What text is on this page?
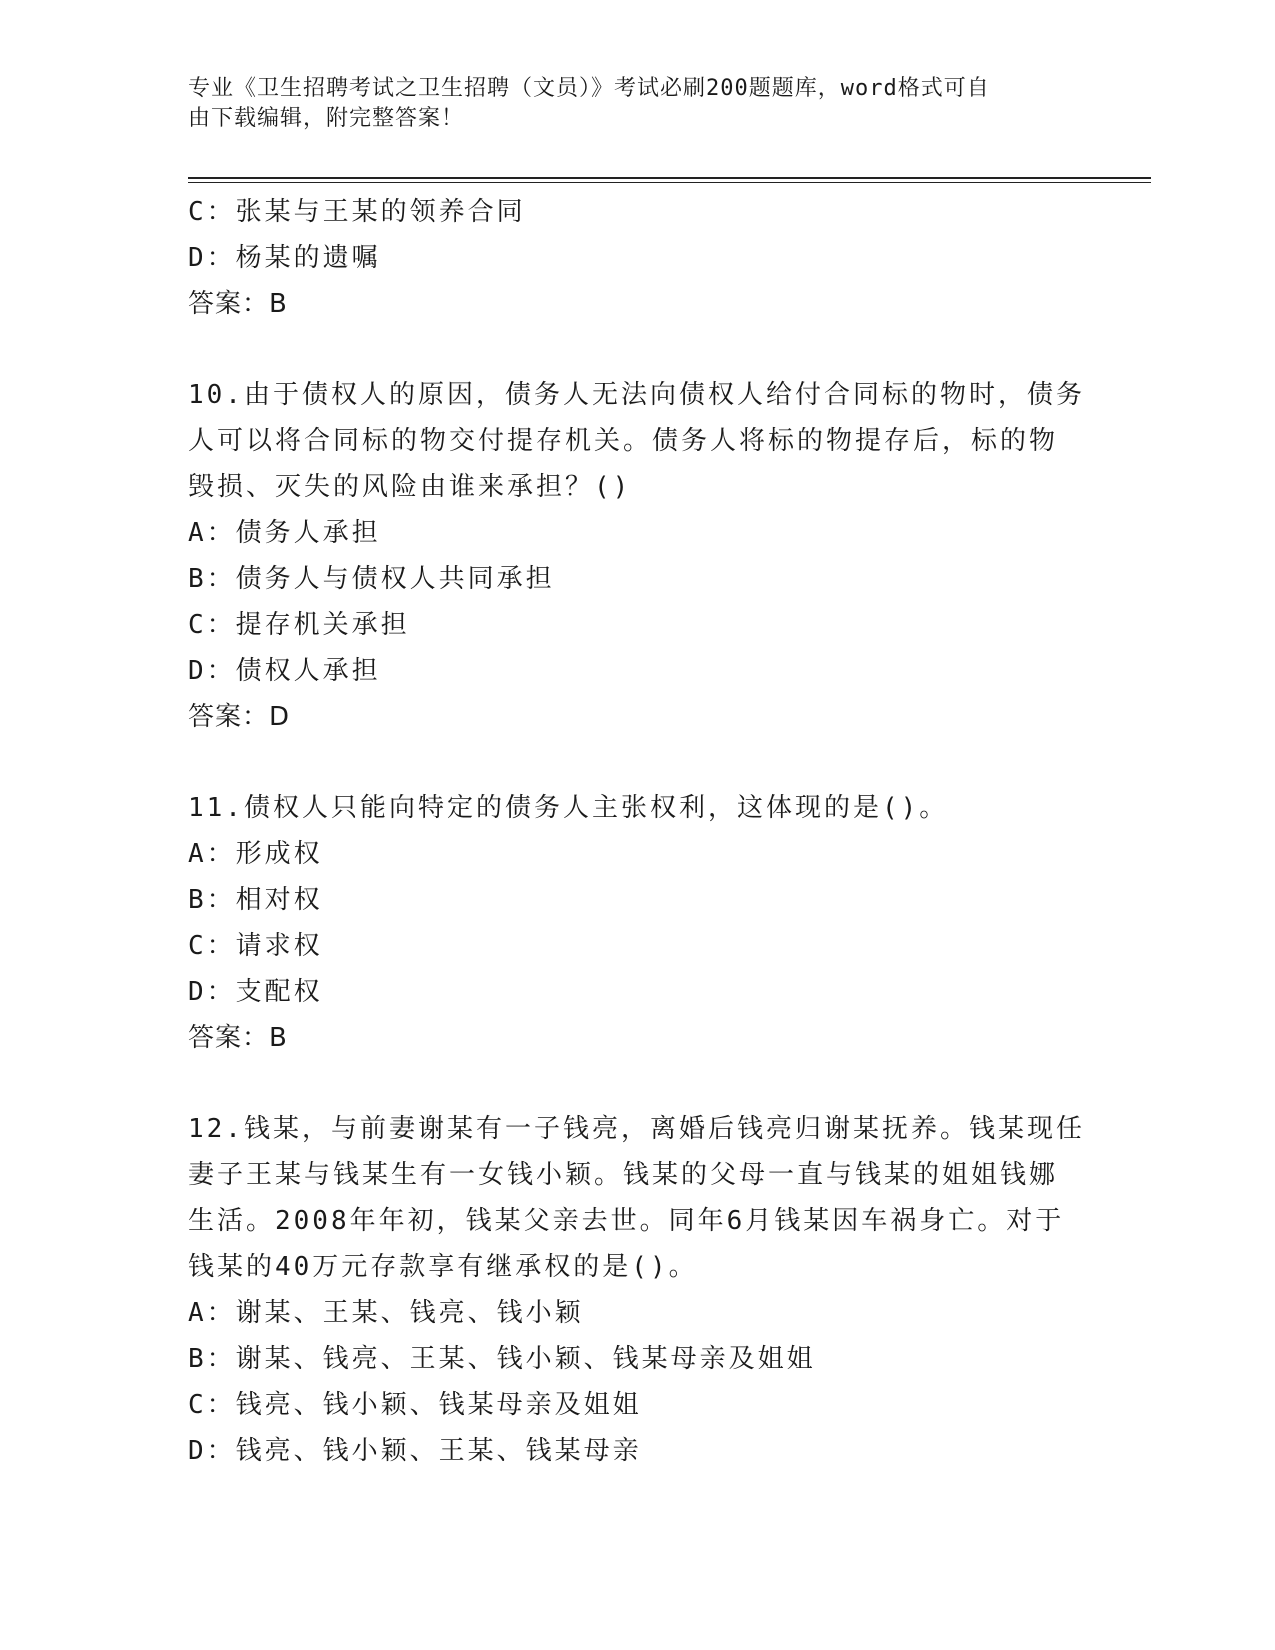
专业《卫生招聘考试之卫生招聘（文员）》考试必刷200题题库，word格式可自
由下载编辑，附完整答案！
C：张某与王某的领养合同
D：杨某的遗嘱
答案：B
10.由于债权人的原因，债务人无法向债权人给付合同标的物时，债务
人可以将合同标的物交付提存机关。债务人将标的物提存后，标的物
毁损、灭失的风险由谁来承担？()
A：债务人承担
B：债务人与债权人共同承担
C：提存机关承担
D：债权人承担
答案：D
11.债权人只能向特定的债务人主张权利，这体现的是()。
A：形成权
B：相对权
C：请求权
D：支配权
答案：B
12.钱某，与前妻谢某有一子钱亮，离婚后钱亮归谢某抚养。钱某现任
妻子王某与钱某生有一女钱小颖。钱某的父母一直与钱某的姐姐钱娜
生活。2008年年初，钱某父亲去世。同年6月钱某因车祸身亡。对于
钱某的40万元存款享有继承权的是()。
A：谢某、王某、钱亮、钱小颖
B：谢某、钱亮、王某、钱小颖、钱某母亲及姐姐
C：钱亮、钱小颖、钱某母亲及姐姐
D：钱亮、钱小颖、王某、钱某母亲
